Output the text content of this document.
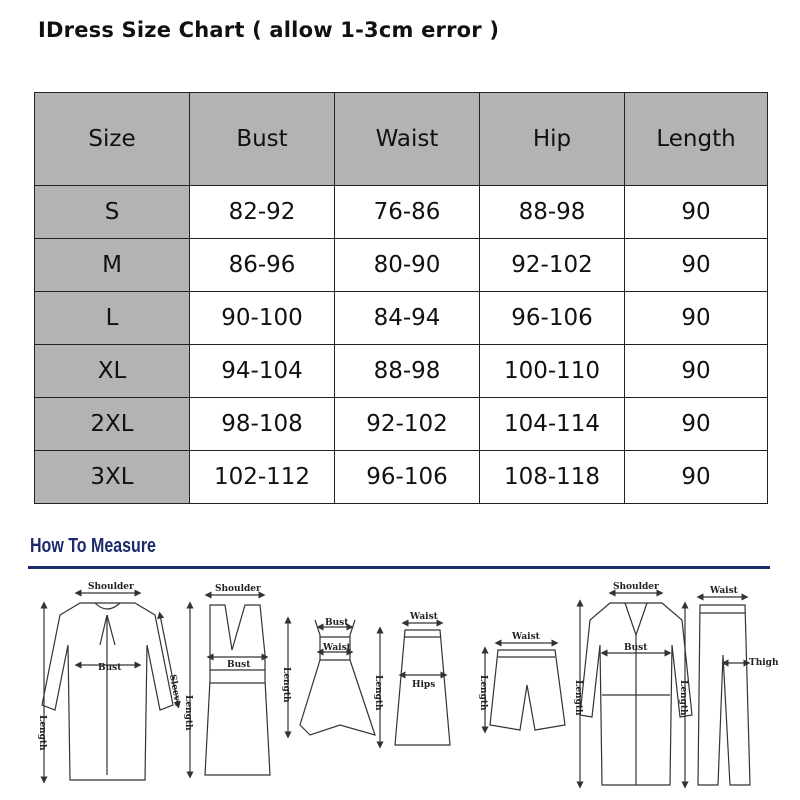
IDress Size Chart ( allow 1-3cm error )
Size	Bust	Waist	Hip	Length
S	82-92	76-86	88-98	90
M	86-96	80-90	92-102	90
L	90-100	84-94	96-106	90
XL	94-104	88-98	100-110	90
2XL	98-108	92-102	104-114	90
3XL	102-112	96-106	108-118	90
How To Measure
Shoulder
Bust
Sleeve
Length
Shoulder
Bust
Length
Bust
Waist
Length
Waist
Hips
Length
Waist
Length
Shoulder
Bust
Length
Waist
Thigh
Length
